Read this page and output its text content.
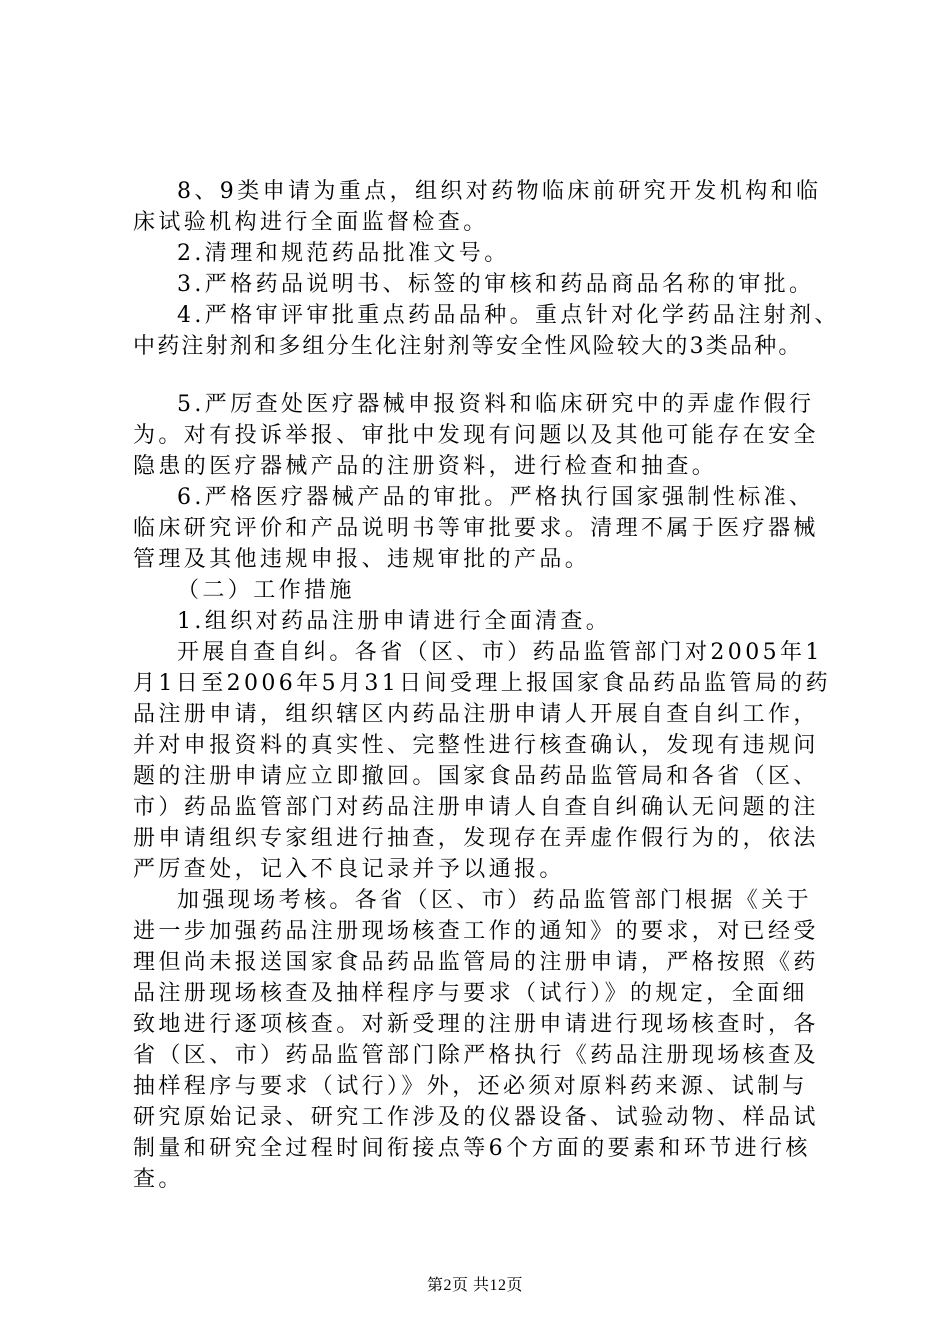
8、9类申请为重点，组织对药物临床前研究开发机构和临
床试验机构进行全面监督检查。
2.清理和规范药品批准文号。
3.严格药品说明书、标签的审核和药品商品名称的审批。
4.严格审评审批重点药品品种。重点针对化学药品注射剂、
中药注射剂和多组分生化注射剂等安全性风险较大的3类品种。
5.严厉查处医疗器械申报资料和临床研究中的弄虚作假行
为。对有投诉举报、审批中发现有问题以及其他可能存在安全
隐患的医疗器械产品的注册资料，进行检查和抽查。
6.严格医疗器械产品的审批。严格执行国家强制性标准、
临床研究评价和产品说明书等审批要求。清理不属于医疗器械
管理及其他违规申报、违规审批的产品。
（二）工作措施
1.组织对药品注册申请进行全面清查。
开展自查自纠。各省（区、市）药品监管部门对2005年1
月1日至2006年5月31日间受理上报国家食品药品监管局的药
品注册申请，组织辖区内药品注册申请人开展自查自纠工作，
并对申报资料的真实性、完整性进行核查确认，发现有违规问
题的注册申请应立即撤回。国家食品药品监管局和各省（区、
市）药品监管部门对药品注册申请人自查自纠确认无问题的注
册申请组织专家组进行抽查，发现存在弄虚作假行为的，依法
严厉查处，记入不良记录并予以通报。
加强现场考核。各省（区、市）药品监管部门根据《关于
进一步加强药品注册现场核查工作的通知》的要求，对已经受
理但尚未报送国家食品药品监管局的注册申请，严格按照《药
品注册现场核查及抽样程序与要求（试行）》的规定，全面细
致地进行逐项核查。对新受理的注册申请进行现场核查时，各
省（区、市）药品监管部门除严格执行《药品注册现场核查及
抽样程序与要求（试行）》外，还必须对原料药来源、试制与
研究原始记录、研究工作涉及的仪器设备、试验动物、样品试
制量和研究全过程时间衔接点等6个方面的要素和环节进行核
查。
第2页 共12页
